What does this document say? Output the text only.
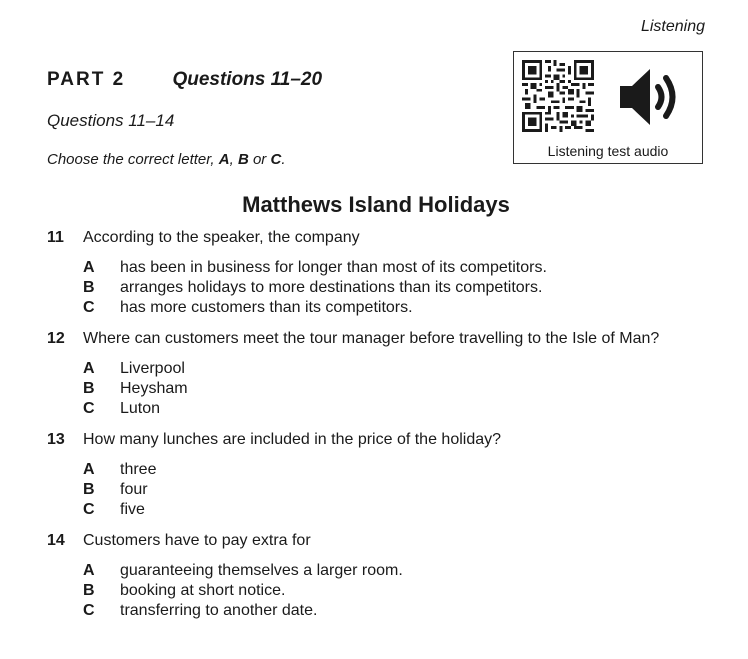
Listening
PART 2 Questions 11–20
Questions 11–14
Choose the correct letter, A, B or C.	Listening test audio
Matthews Island Holidays
11	According to the speaker, the company
A	has been in business for longer than most of its competitors.
B	arranges holidays to more destinations than its competitors.
C	has more customers than its competitors.
12	Where can customers meet the tour manager before travelling to the Isle of Man?
A	Liverpool
B	Heysham
C	Luton
13	How many lunches are included in the price of the holiday?
A	three
B	four
C	five
14	Customers have to pay extra for
A	guaranteeing themselves a larger room.
B	booking at short notice.
C	transferring to another date.
